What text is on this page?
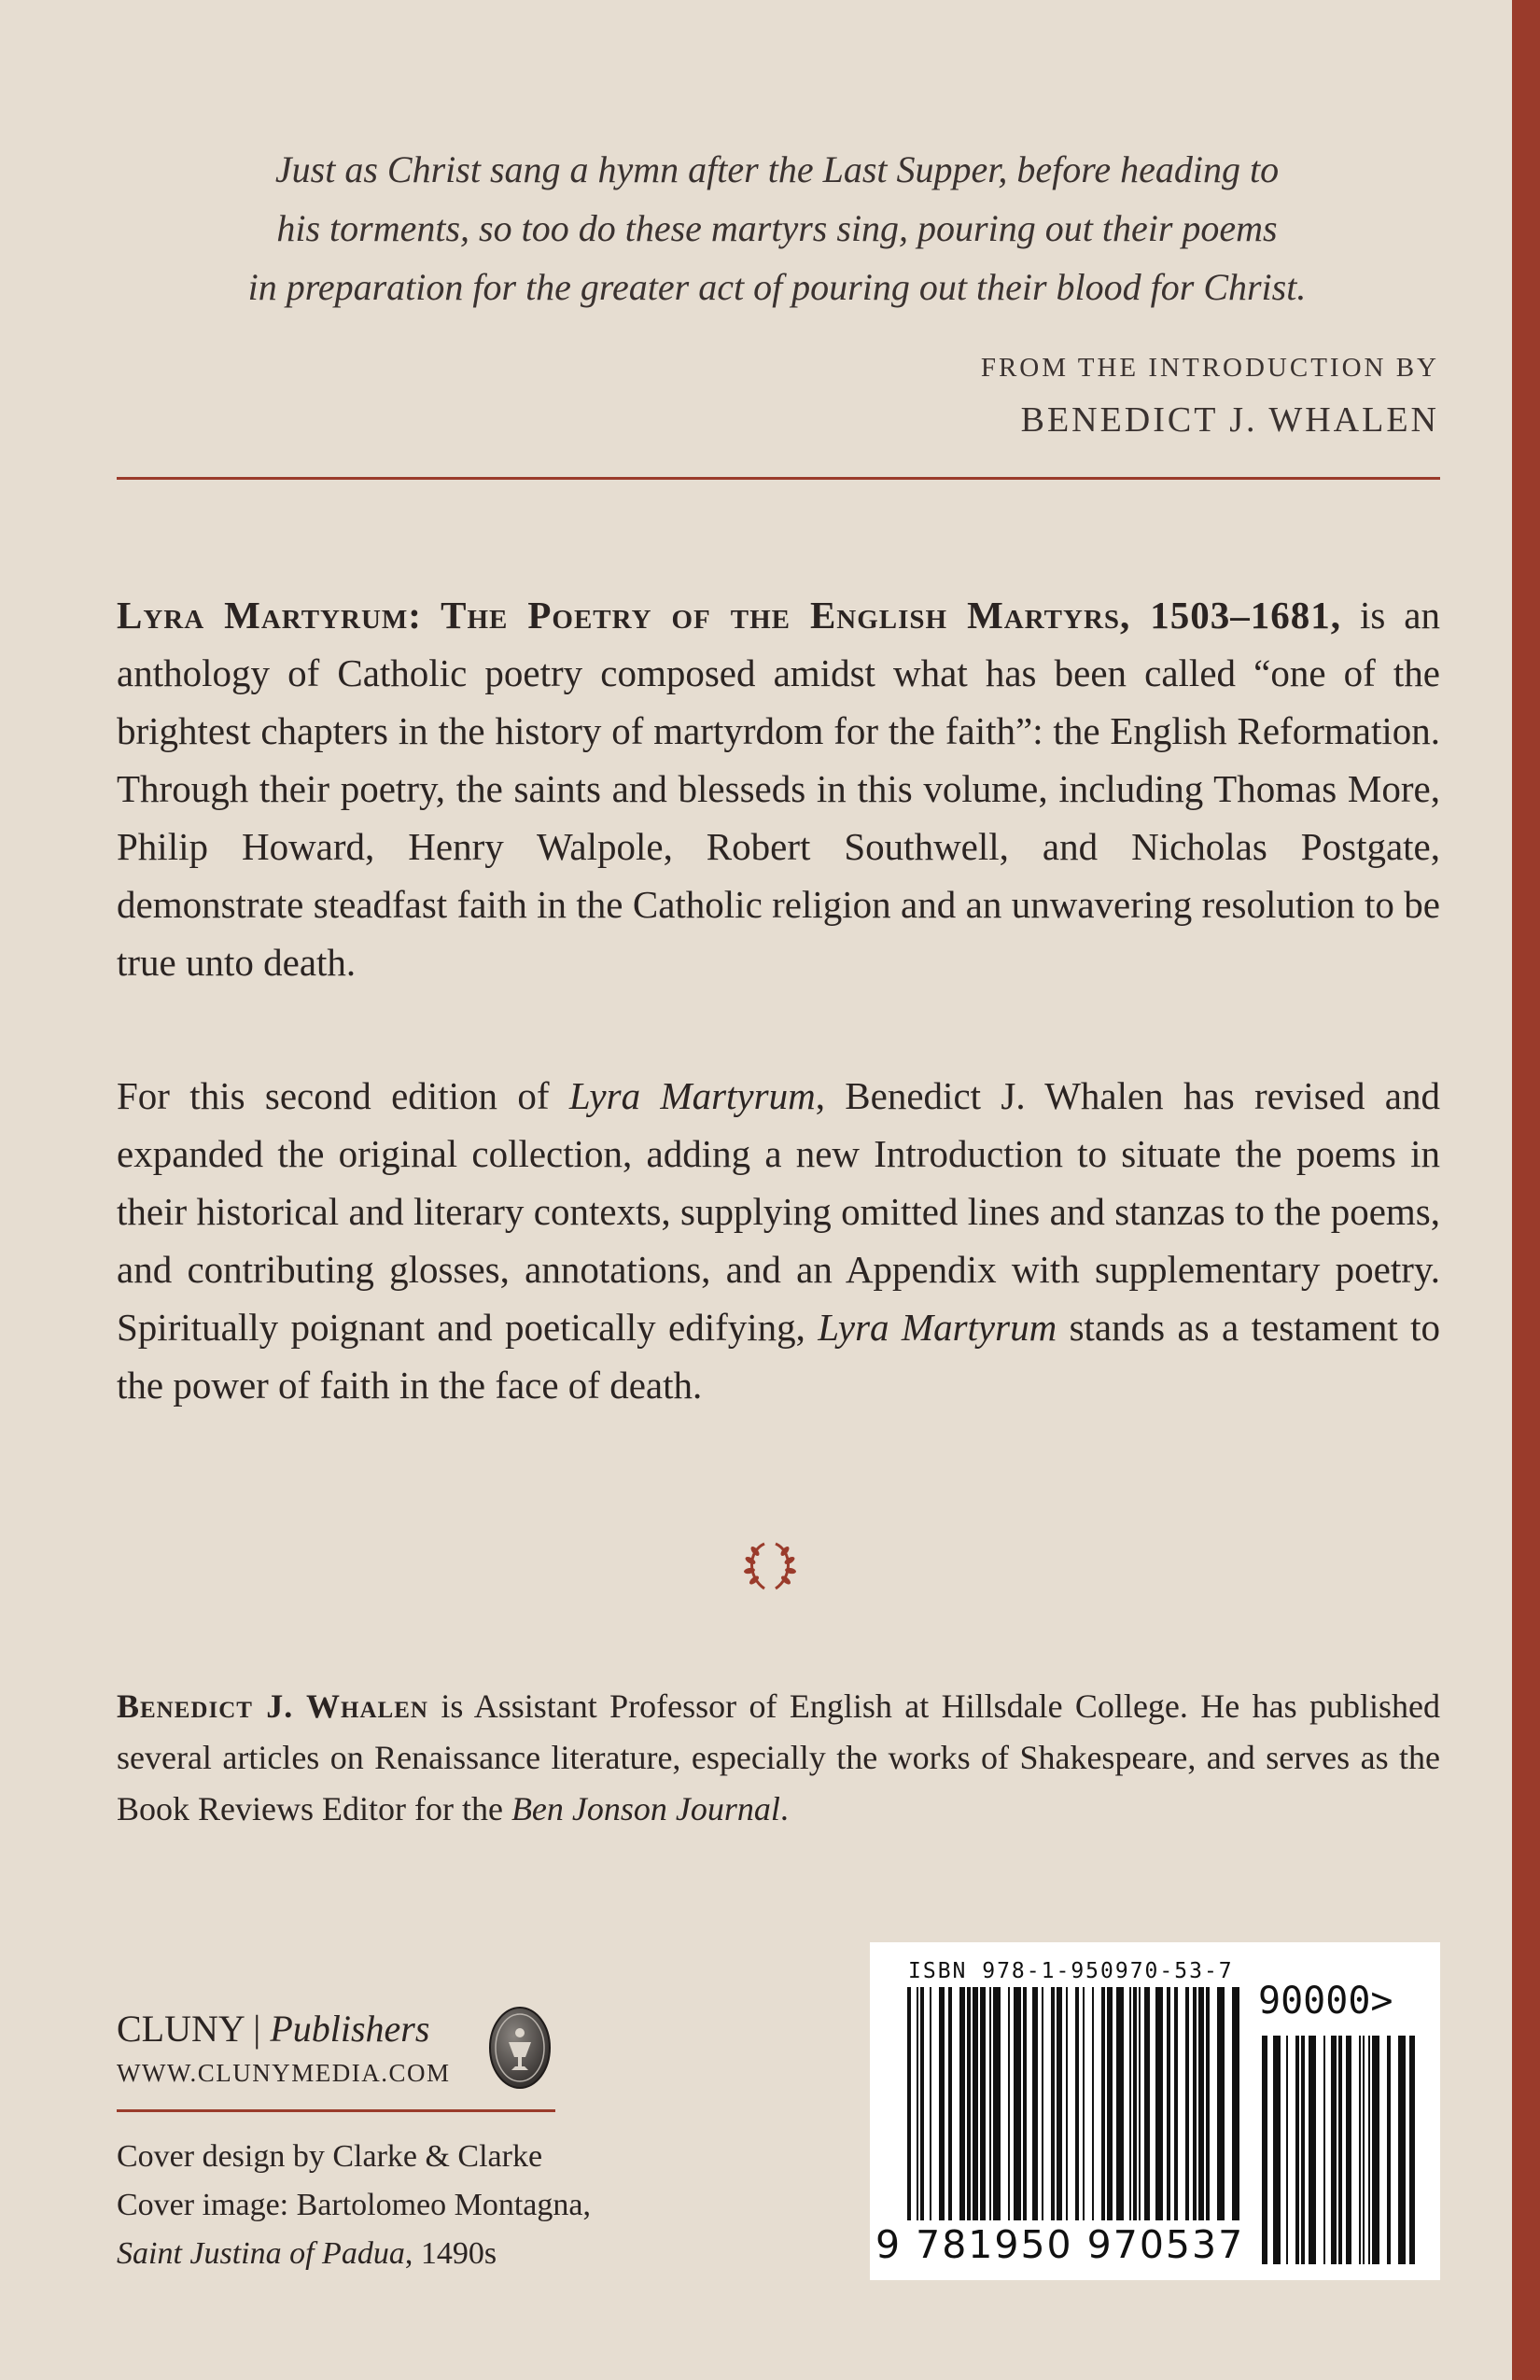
Just as Christ sang a hymn after the Last Supper, before heading to
his torments, so too do these martyrs sing, pouring out their poems
in preparation for the greater act of pouring out their blood for Christ.
FROM THE INTRODUCTION BY
BENEDICT J. WHALEN
Lyra Martyrum: The Poetry of the English Martyrs, 1503–1681, is an anthology of Catholic poetry composed amidst what has been called “one of the brightest chapters in the history of martyrdom for the faith”: the English Reformation. Through their poetry, the saints and blesseds in this volume, including Thomas More, Philip Howard, Henry Walpole, Robert Southwell, and Nicholas Postgate, demonstrate steadfast faith in the Catholic religion and an unwavering resolution to be true unto death.
For this second edition of Lyra Martyrum, Benedict J. Whalen has revised and expanded the original collection, adding a new Introduction to situate the poems in their historical and literary contexts, supplying omitted lines and stanzas to the poems, and contributing glosses, annotations, and an Appendix with supplementary poetry. Spiritually poignant and poetically edifying, Lyra Martyrum stands as a testament to the power of faith in the face of death.
Benedict J. Whalen is Assistant Professor of English at Hillsdale College. He has published several articles on Renaissance literature, especially the works of Shakespeare, and serves as the Book Reviews Editor for the Ben Jonson Journal.
CLUNY | Publishers
WWW.CLUNYMEDIA.COM
Cover design by Clarke & Clarke
Cover image: Bartolomeo Montagna,
Saint Justina of Padua, 1490s
ISBN 978-1-950970-53-7
90000>
9 781950 970537
